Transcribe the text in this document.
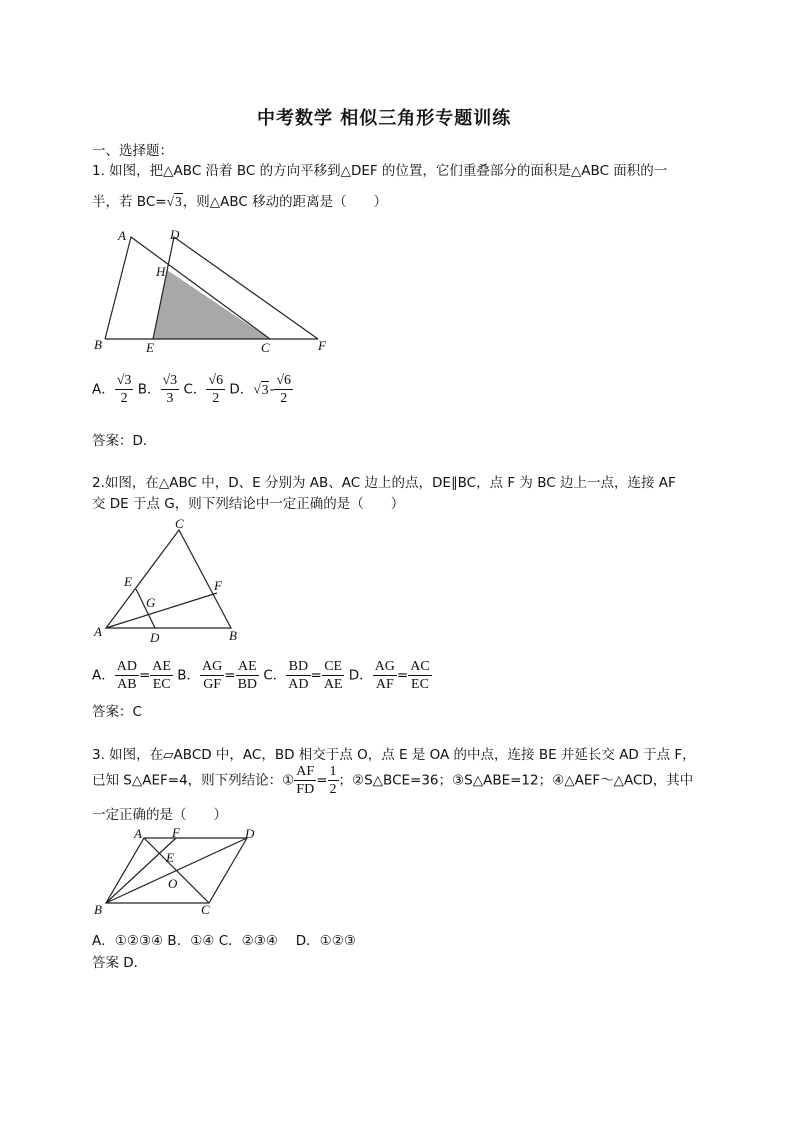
中考数学 相似三角形专题训练
一、选择题：
1. 如图，把△ABC 沿着 BC 的方向平移到△DEF 的位置，它们重叠部分的面积是△ABC 面积的一
半，若 BC=√3，则△ABC 移动的距离是（　　）
A	D
H
B	E	C	F
A． $\frac{√3}{2}$ B． $\frac{√3}{3}$ C． $\frac{√6}{2}$ D．$√3- \frac{√6}{2}$
答案：D．
2.如图，在△ABC 中，D、E 分别为 AB、AC 边上的点，DE∥BC，点 F 为 BC 边上一点，连接 AF
交 DE 于点 G，则下列结论中一定正确的是（　　）
C
E	F
G
A	D	B
A． $\frac{AD}{AB} = \frac{AE}{EC}$ B． $\frac{AG}{GF} = \frac{AE}{BD}$ C． $\frac{BD}{AD} = \frac{CE}{AE}$ D． $\frac{AG}{AF} = \frac{AC}{EC}$
答案：C
3. 如图，在▱ABCD 中，AC，BD 相交于点 O，点 E 是 OA 的中点，连接 BE 并延长交 AD 于点 F，
已知 S△AEF=4，则下列结论：① $\frac{AF}{FD} = \frac{1}{2}$ ；②S△BCE=36；③S△ABE=12；④△AEF～△ACD，其中
一定正确的是（　　）
A F	D
E
O
B	C
A．①②③④ B．①④ C．②③④　 D．①②③
答案 D．
